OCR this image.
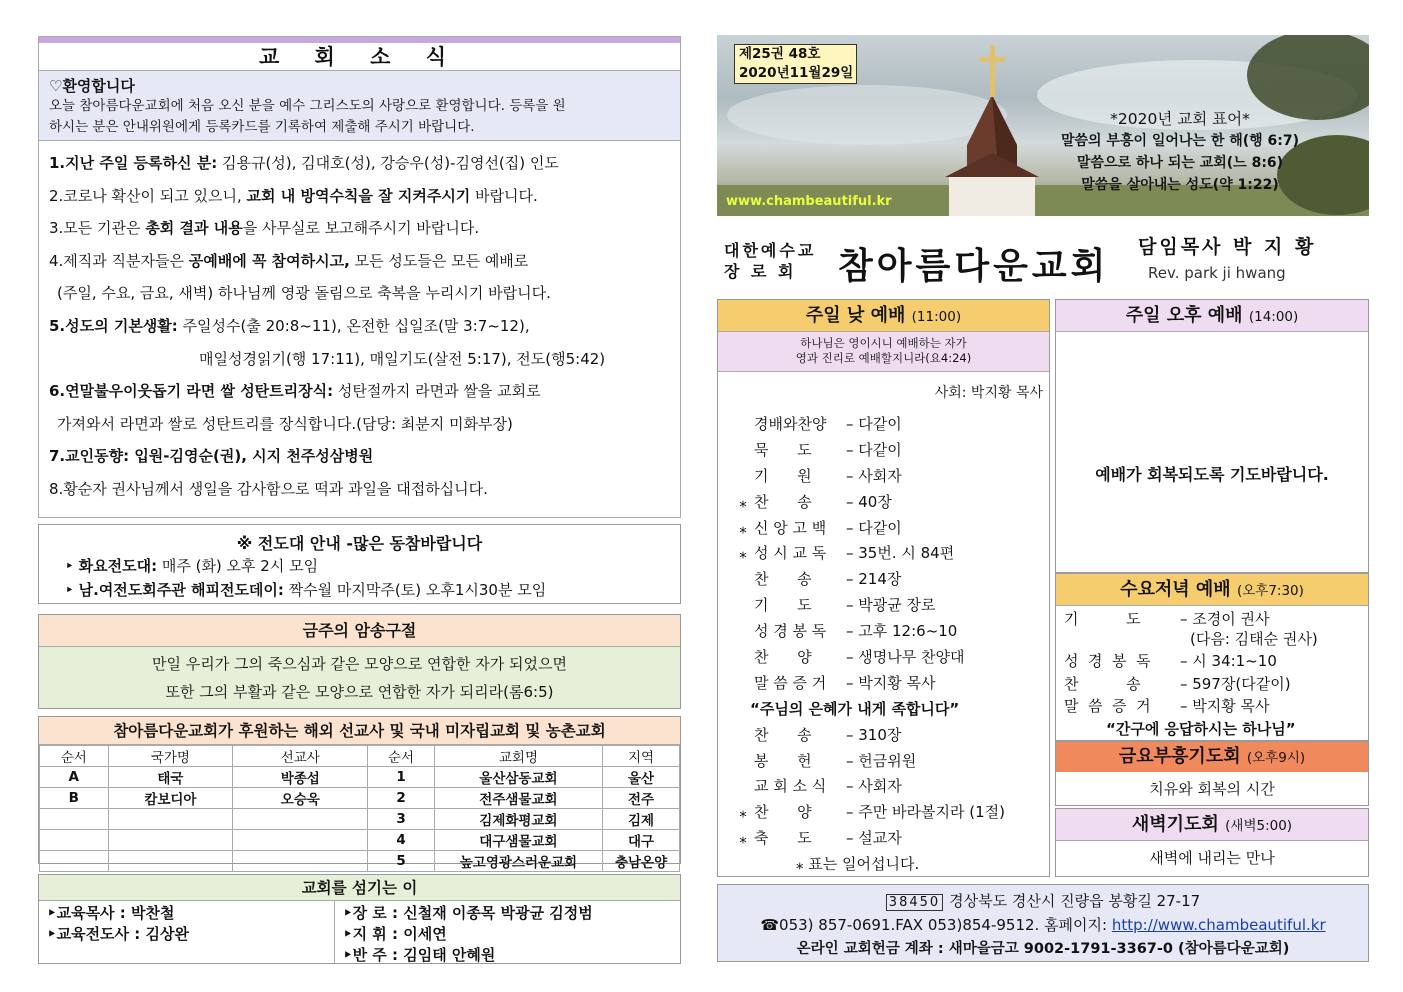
교 회 소 식
♡환영합니다
오늘 참아름다운교회에 처음 오신 분을 예수 그리스도의 사랑으로 환영합니다. 등록을 원
하시는 분은 안내위원에게 등록카드를 기록하여 제출해 주시기 바랍니다.
1.지난 주일 등록하신 분: 김용규(성), 김대호(성), 강승우(성)-김영선(집) 인도
2.코로나 확산이 되고 있으니, 교회 내 방역수칙을 잘 지켜주시기 바랍니다.
3.모든 기관은 총회 결과 내용을 사무실로 보고해주시기 바랍니다.
4.제직과 직분자들은 공예배에 꼭 참여하시고, 모든 성도들은 모든 예배로
(주일, 수요, 금요, 새벽) 하나님께 영광 돌림으로 축복을 누리시기 바랍니다.
5.성도의 기본생활: 주일성수(출 20:8~11), 온전한 십일조(말 3:7~12),
매일성경읽기(행 17:11), 매일기도(살전 5:17), 전도(행5:42)
6.연말불우이웃돕기 라면 쌀 성탄트리장식: 성탄절까지 라면과 쌀을 교회로
가져와서 라면과 쌀로 성탄트리를 장식합니다.(담당: 최분지 미화부장)
7.교인동향: 입원-김영순(권), 시지 천주성삼병원
8.황순자 권사님께서 생일을 감사함으로 떡과 과일을 대접하십니다.
※ 전도대 안내 -많은 동참바랍니다
‣ 화요전도대: 매주 (화) 오후 2시 모임
‣ 남.여전도회주관 해피전도데이: 짝수월 마지막주(토) 오후1시30분 모임
금주의 암송구절
만일 우리가 그의 죽으심과 같은 모양으로 연합한 자가 되었으면
또한 그의 부활과 같은 모양으로 연합한 자가 되리라(롬6:5)
참아름다운교회가 후원하는 해외 선교사 및 국내 미자립교회 및 농촌교회
순서	국가명	선교사	순서	교회명	지역
A	태국	박종섭	1	울산삼동교회	울산
B	캄보디아	오승욱	2	전주샘물교회	전주
			3	김제화평교회	김제
			4	대구샘물교회	대구
			5	높고영광스러운교회	충남온양
교회를 섬기는 이
‣교육목사 : 박찬철
‣교육전도사 : 김상완
‣장 로 : 신철재 이종목 박광균 김정범
‣지 휘 : 이세연
‣반 주 : 김임태 안혜원
제25권 48호
2020년11월29일
*2020년 교회 표어*
말씀의 부흥이 일어나는 한 해(행 6:7)
말씀으로 하나 되는 교회(느 8:6)
말씀을 살아내는 성도(약 1:22)
www.chambeautiful.kr
대한예수교
장 로 회	참아름다운교회 담임목사 박 지 황
Rev. park ji hwang
주일 낮 예배 (11:00)
하나님은 영이시니 예배하는 자가
영과 진리로 예배할지니라(요4:24)
사회: 박지황 목사
경배와찬양	– 다같이
묵      도	– 다같이
기      원	– 사회자
⁎ 찬      송	– 40장
⁎ 신 앙 고 백	– 다같이
⁎ 성 시 교 독	– 35번. 시 84편
찬      송	– 214장
기      도	– 박광균 장로
성 경 봉 독	– 고후 12:6~10
찬      양	– 생명나무 찬양대
말 씀 증 거	– 박지황 목사
“주님의 은혜가 내게 족합니다”
찬      송	– 310장
봉      헌	– 헌금위원
교 회 소 식	– 사회자
⁎ 찬      양	– 주만 바라볼지라 (1절)
⁎ 축      도	– 설교자
⁎ 표는 일어섭니다.
주일 오후 예배 (14:00)
예배가 회복되도록 기도바랍니다.
수요저녁 예배 (오후7:30)
기          도	– 조경이 권사
(다음: 김태순 권사)
성  경  봉  독	– 시 34:1~10
찬          송	– 597장(다같이)
말  씀  증  거	– 박지황 목사
“간구에 응답하시는 하나님”
금요부흥기도회 (오후9시)
치유와 회복의 시간
새벽기도회 (새벽5:00)
새벽에 내리는 만나
38450 경상북도 경산시 진량읍 봉황길 27-17
☎053) 857-0691.FAX 053)854-9512. 홈페이지: http://www.chambeautiful.kr
온라인 교회헌금 계좌 : 새마을금고 9002-1791-3367-0 (참아름다운교회)
